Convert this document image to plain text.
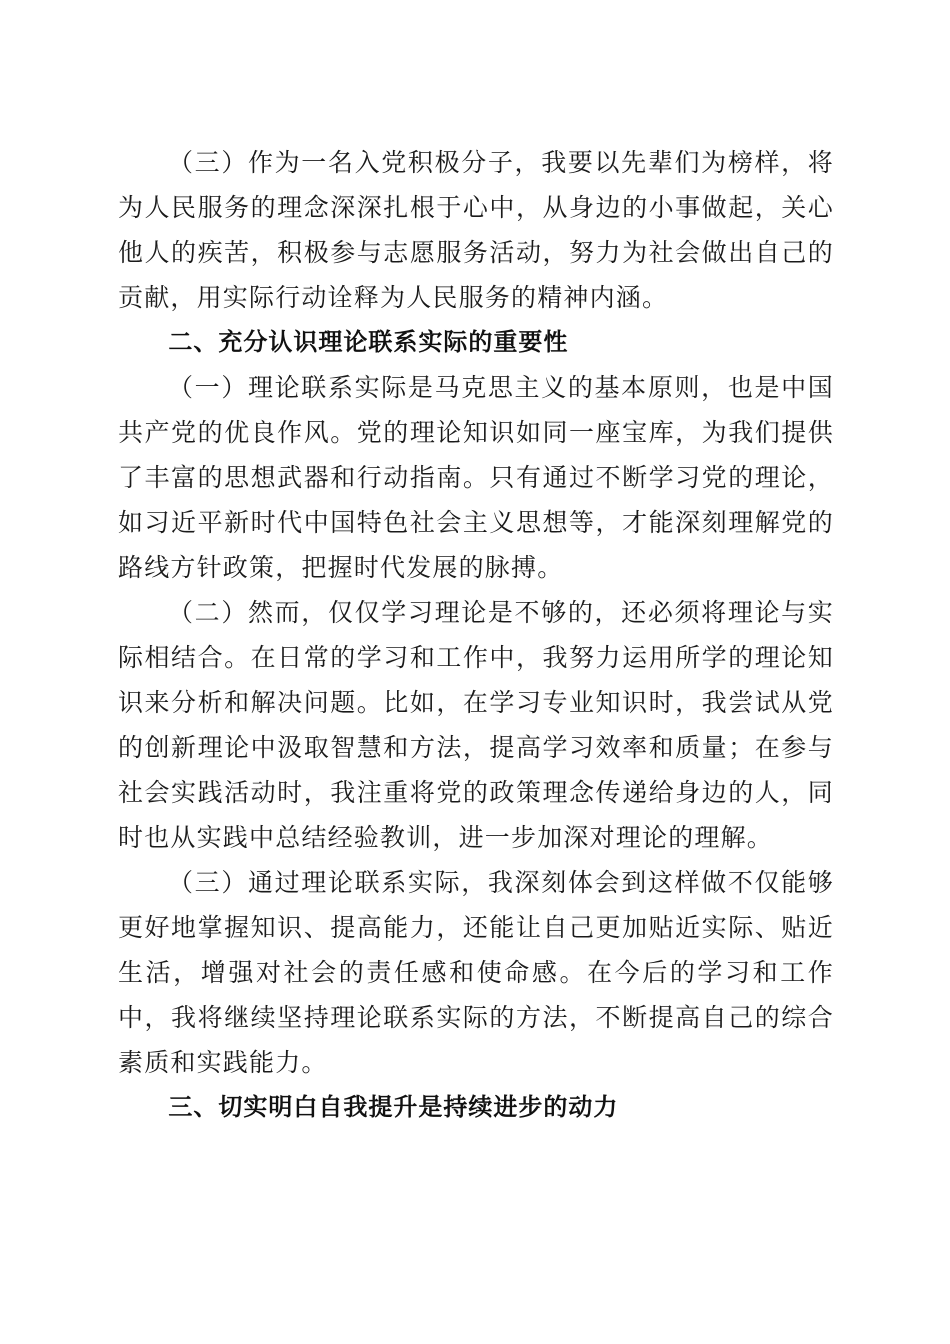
（三）作为一名入党积极分子，我要以先辈们为榜样，将为人民服务的理念深深扎根于心中，从身边的小事做起，关心他人的疾苦，积极参与志愿服务活动，努力为社会做出自己的贡献，用实际行动诠释为人民服务的精神内涵。

二、充分认识理论联系实际的重要性

（一）理论联系实际是马克思主义的基本原则，也是中国共产党的优良作风。党的理论知识如同一座宝库，为我们提供了丰富的思想武器和行动指南。只有通过不断学习党的理论，如习近平新时代中国特色社会主义思想等，才能深刻理解党的路线方针政策，把握时代发展的脉搏。

（二）然而，仅仅学习理论是不够的，还必须将理论与实际相结合。在日常的学习和工作中，我努力运用所学的理论知识来分析和解决问题。比如，在学习专业知识时，我尝试从党的创新理论中汲取智慧和方法，提高学习效率和质量；在参与社会实践活动时，我注重将党的政策理念传递给身边的人，同时也从实践中总结经验教训，进一步加深对理论的理解。

（三）通过理论联系实际，我深刻体会到这样做不仅能够更好地掌握知识、提高能力，还能让自己更加贴近实际、贴近生活，增强对社会的责任感和使命感。在今后的学习和工作中，我将继续坚持理论联系实际的方法，不断提高自己的综合素质和实践能力。

三、切实明白自我提升是持续进步的动力
